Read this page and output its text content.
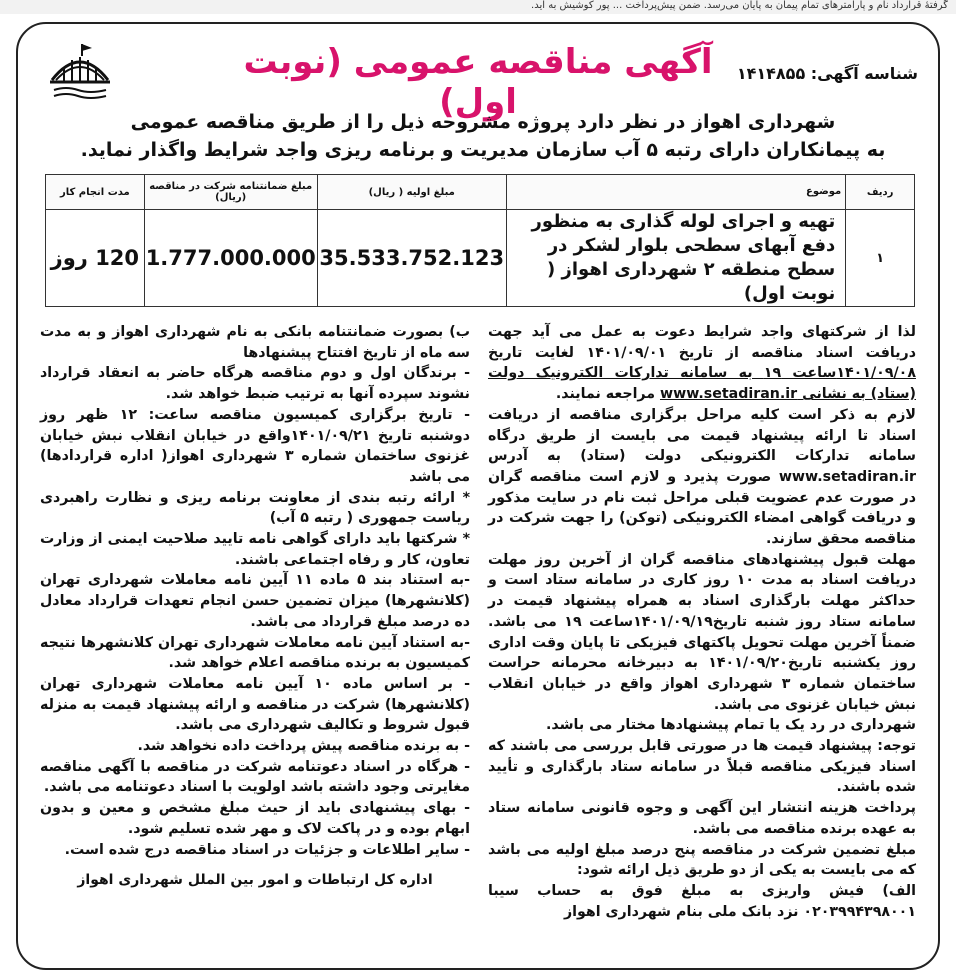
گرفتهٔ قرارداد نام و پارامترهای تمام پیمان به پایان می‌رسد. ضمن پیش‌پرداخت ... پور کوشیش به آید.
شناسه آگهی: ۱۴۱۴۸۵۵
آگهی مناقصه عمومی (نوبت اول)
شهرداری اهواز در نظر دارد پروژه مشروحه ذیل را از طریق مناقصه عمومی
به پیمانکاران دارای رتبه ۵ آب سازمان مدیریت و برنامه ریزی واجد شرایط واگذار نماید.
ردیف	موضوع	مبلغ اولیه ( ریال)	مبلغ ضمانتنامه شرکت در مناقصه (ریال)	مدت انجام کار
۱	تهیه و اجرای لوله گذاری به منظور دفع آبهای سطحی بلوار لشکر در سطح منطقه ۲ شهرداری اهواز ( نوبت اول)	35.533.752.123	1.777.000.000	120 روز

لذا از شرکتهای واجد شرایط دعوت به عمل می آید جهت دریافت اسناد مناقصه از تاریخ ۱۴۰۱/۰۹/۰۱ لغایت تاریخ ۱۴۰۱/۰۹/۰۸ساعت ۱۹ به سامانه تدارکات الکترونیک دولت (ستاد) به نشانی www.setadiran.ir مراجعه نمایند.

لازم به ذکر است کلیه مراحل برگزاری مناقصه از دریافت اسناد تا ارائه پیشنهاد قیمت می بایست از طریق درگاه سامانه تدارکات الکترونیکی دولت (ستاد) به آدرس www.setadiran.ir صورت پذیرد و لازم است مناقصه گران در صورت عدم عضویت قبلی مراحل ثبت نام در سایت مذکور و دریافت گواهی امضاء الکترونیکی (توکن) را جهت شرکت در مناقصه محقق سازند.

مهلت قبول پیشنهادهای مناقصه گران از آخرین روز مهلت دریافت اسناد به مدت ۱۰ روز کاری در سامانه ستاد است و حداکثر مهلت بارگذاری اسناد به همراه پیشنهاد قیمت در سامانه ستاد روز شنبه تاریخ۱۴۰۱/۰۹/۱۹ساعت ۱۹ می باشد. ضمناً آخرین مهلت تحویل پاکتهای فیزیکی تا پایان وقت اداری روز یکشنبه تاریخ۱۴۰۱/۰۹/۲۰ به دبیرخانه محرمانه حراست ساختمان شماره ۳ شهرداری اهواز واقع در خیابان انقلاب نبش خیابان غزنوی می باشد.

شهرداری در رد یک یا تمام پیشنهادها مختار می باشد.

توجه: پیشنهاد قیمت ها در صورتی قابل بررسی می باشند که اسناد فیزیکی مناقصه قبلاً در سامانه ستاد بارگذاری و تأیید شده باشند.

پرداخت هزینه انتشار این آگهی و وجوه قانونی سامانه ستاد به عهده برنده مناقصه می باشد.

مبلغ تضمین شرکت در مناقصه پنج درصد مبلغ اولیه می باشد که می بایست به یکی از دو طریق ذیل ارائه شود:

الف) فیش واریزی به مبلغ فوق به حساب سیبا ۰۲۰۳۹۹۴۳۹۸۰۰۱ نزد بانک ملی بنام شهرداری اهواز

ب) بصورت ضمانتنامه بانکی به نام شهرداری اهواز و به مدت سه ماه از تاریخ افتتاح پیشنهادها

- برندگان اول و دوم مناقصه هرگاه حاضر به انعقاد قرارداد نشوند سپرده آنها به ترتیب ضبط خواهد شد.

- تاریخ برگزاری کمیسیون مناقصه ساعت: ۱۲ ظهر روز دوشنبه تاریخ ۱۴۰۱/۰۹/۲۱واقع در خیابان انقلاب نبش خیابان غزنوی ساختمان شماره ۳ شهرداری اهواز( اداره قراردادها) می باشد

* ارائه رتبه بندی از معاونت برنامه ریزی و نظارت راهبردی ریاست جمهوری ( رتبه ۵ آب)

* شرکتها باید دارای گواهی نامه تایید صلاحیت ایمنی از وزارت تعاون، کار و رفاه اجتماعی باشند.

-به استناد بند ۵ ماده ۱۱ آیین نامه معاملات شهرداری تهران (کلانشهرها) میزان تضمین حسن انجام تعهدات قرارداد معادل ده درصد مبلغ قرارداد می باشد.

-به استناد آیین نامه معاملات شهرداری تهران کلانشهرها نتیجه کمیسیون به برنده مناقصه اعلام خواهد شد.

- بر اساس ماده ۱۰ آیین نامه معاملات شهرداری تهران (کلانشهرها) شرکت در مناقصه و ارائه پیشنهاد قیمت به منزله قبول شروط و تکالیف شهرداری می باشد.

- به برنده مناقصه پیش پرداخت داده نخواهد شد.

- هرگاه در اسناد دعوتنامه شرکت در مناقصه با آگهی مناقصه مغایرتی وجود داشته باشد اولویت با اسناد دعوتنامه می باشد.

- بهای پیشنهادی باید از حیث مبلغ مشخص و معین و بدون ابهام بوده و در پاکت لاک و مهر شده تسلیم شود.

- سایر اطلاعات و جزئیات در اسناد مناقصه درج شده است.

اداره کل ارتباطات و امور بین الملل شهرداری اهواز
